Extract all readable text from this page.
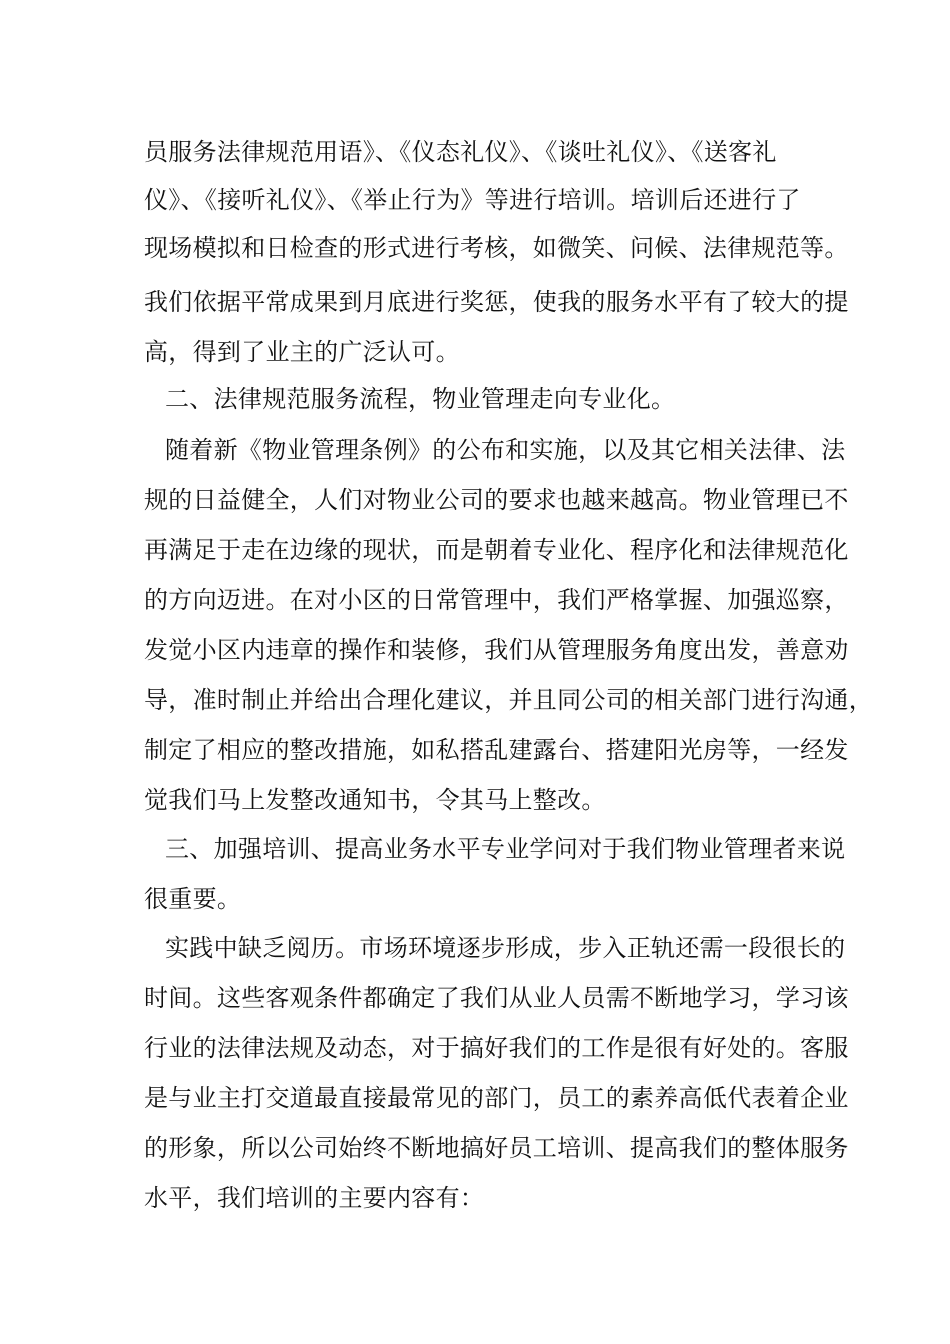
员服务法律规范用语》、《仪态礼仪》、《谈吐礼仪》、《送客礼
仪》、《接听礼仪》、《举止行为》等进行培训。培训后还进行了
现场模拟和日检查的形式进行考核，如微笑、问候、法律规范等。
我们依据平常成果到月底进行奖惩，使我的服务水平有了较大的提
高，得到了业主的广泛认可。
二、法律规范服务流程，物业管理走向专业化。
随着新《物业管理条例》的公布和实施，以及其它相关法律、法
规的日益健全，人们对物业公司的要求也越来越高。物业管理已不
再满足于走在边缘的现状，而是朝着专业化、程序化和法律规范化
的方向迈进。在对小区的日常管理中，我们严格掌握、加强巡察，
发觉小区内违章的操作和装修，我们从管理服务角度出发，善意劝
导，准时制止并给出合理化建议，并且同公司的相关部门进行沟通，
制定了相应的整改措施，如私搭乱建露台、搭建阳光房等，一经发
觉我们马上发整改通知书，令其马上整改。
三、加强培训、提高业务水平专业学问对于我们物业管理者来说
很重要。
实践中缺乏阅历。市场环境逐步形成，步入正轨还需一段很长的
时间。这些客观条件都确定了我们从业人员需不断地学习，学习该
行业的法律法规及动态，对于搞好我们的工作是很有好处的。客服
是与业主打交道最直接最常见的部门，员工的素养高低代表着企业
的形象，所以公司始终不断地搞好员工培训、提高我们的整体服务
水平，我们培训的主要内容有：
